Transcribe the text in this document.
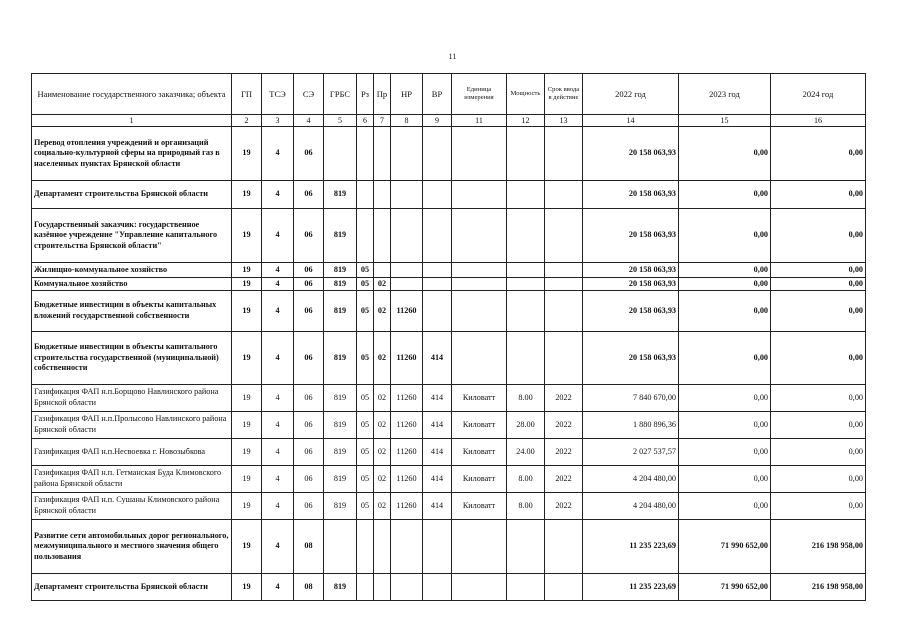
11
Наименование государственного заказчика; объекта	ГП	ТСЭ	СЭ	ГРБС	Рз	Пр	НР	ВР	Единица измерения	Мощность	Срок ввода в действие	2022 год	2023 год	2024 год
1	2	3	4	5	6	7	8	9	11	12	13	14	15	16
Перевод отопления учреждений и организаций социально-культурной сферы на природный газ в населенных пунктах Брянской области	19	4	06									20 158 063,93	0,00	0,00
Департамент строительства Брянской области	19	4	06	819								20 158 063,93	0,00	0,00
Государственный заказчик: государственное казённое учреждение "Управление капитального строительства Брянской области"	19	4	06	819								20 158 063,93	0,00	0,00
Жилищно-коммунальное хозяйство	19	4	06	819	05							20 158 063,93	0,00	0,00
Коммунальное хозяйство	19	4	06	819	05	02						20 158 063,93	0,00	0,00
Бюджетные инвестиции в объекты капитальных вложений государственной собственности	19	4	06	819	05	02	11260					20 158 063,93	0,00	0,00
Бюджетные инвестиции в объекты капитального строительства государственной (муниципальной) собственности	19	4	06	819	05	02	11260	414				20 158 063,93	0,00	0,00
Газификация ФАП н.п.Борщово Навлинского района Брянской области	19	4	06	819	05	02	11260	414	Киловатт	8.00	2022	7 840 670,00	0,00	0,00
Газификация ФАП н.п.Пролысово Навлинского района Брянской области	19	4	06	819	05	02	11260	414	Киловатт	28.00	2022	1 880 896,36	0,00	0,00
Газификация ФАП н.п.Несвоевка г. Новозыбкова	19	4	06	819	05	02	11260	414	Киловатт	24.00	2022	2 027 537,57	0,00	0,00
Газификация ФАП н.п. Гетманская Буда Климовского района Брянской области	19	4	06	819	05	02	11260	414	Киловатт	8.00	2022	4 204 480,00	0,00	0,00
Газификация ФАП н.п. Сушаны Климовского района Брянской области	19	4	06	819	05	02	11260	414	Киловатт	8.00	2022	4 204 480,00	0,00	0,00
Развитие сети автомобильных дорог регионального, межмуниципального и местного значения общего пользования	19	4	08									11 235 223,69	71 990 652,00	216 198 958,00
Департамент строительства Брянской области	19	4	08	819								11 235 223,69	71 990 652,00	216 198 958,00
